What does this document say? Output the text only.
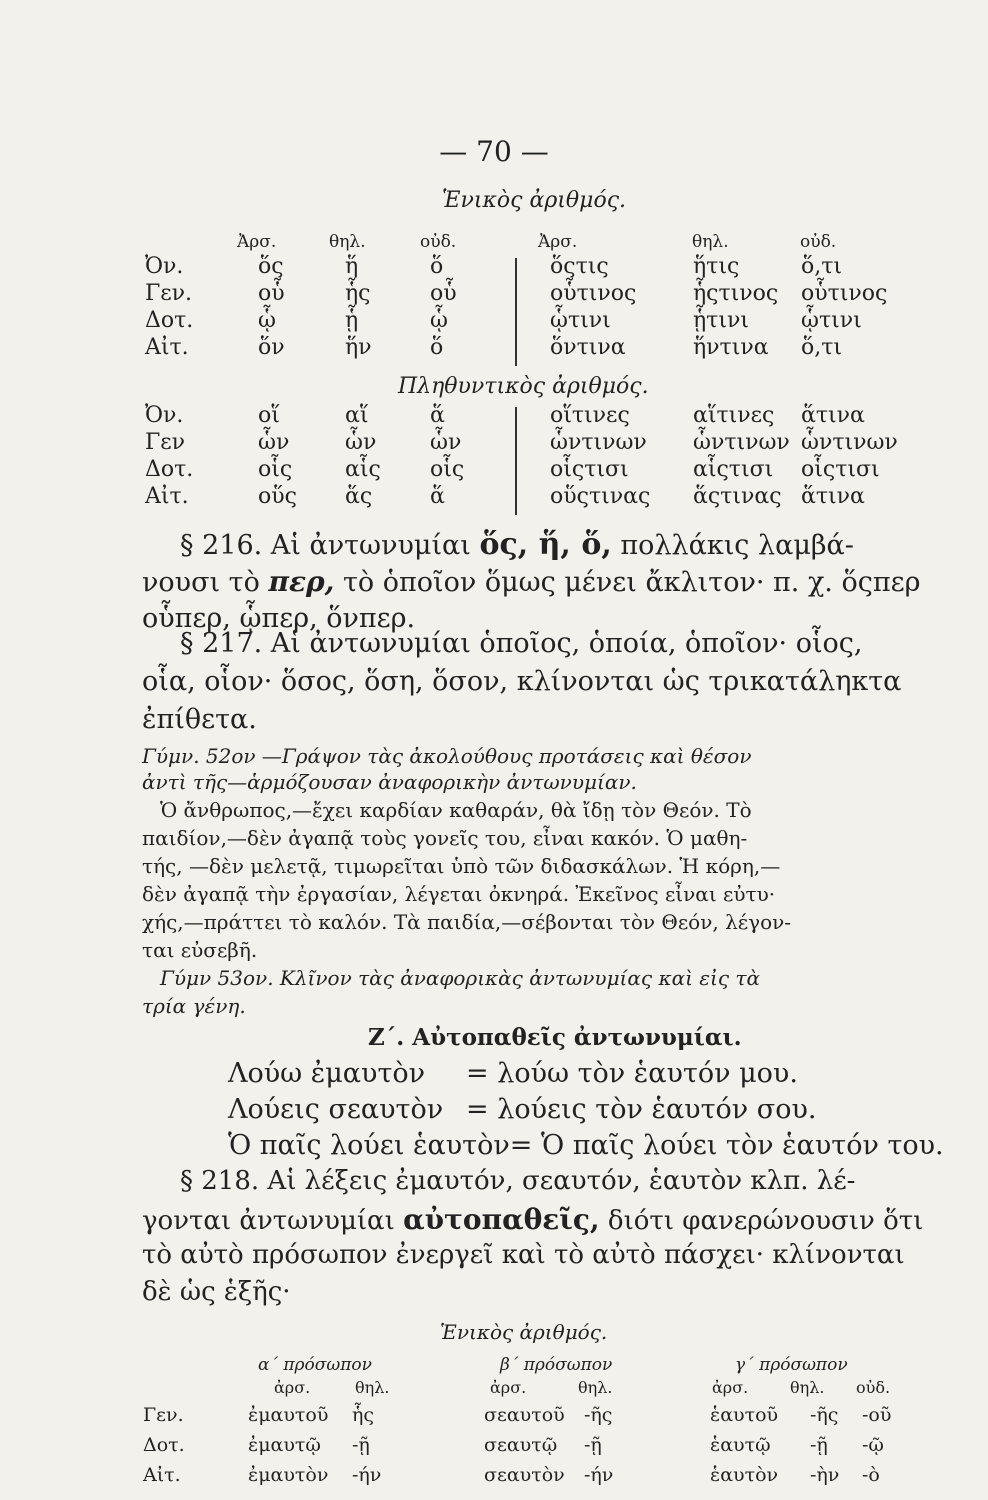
— 70 —
Ἑνικὸς ἀριθμός.
Ἀρσ.	θηλ.	οὐδ.	Ἀρσ.	θηλ.	οὐδ.
Ὀν.	ὅς	ἥ	ὅ	ὅςτις	ἥτις	ὅ,τι
Γεν.	οὗ	ἧς	οὗ	οὗτινος	ἧςτινος	οὗτινος
Δοτ.	ᾧ	ᾗ	ᾧ	ᾧτινι	ᾗτινι	ᾧτινι
Αἰτ.	ὅν	ἥν	ὅ	ὅντινα	ἥντινα	ὅ,τι
Πληθυντικὸς ἀριθμός.
Ὀν.	οἵ	αἵ	ἅ	οἵτινες	αἵτινες	ἅτινα
Γεν	ὧν	ὧν	ὧν	ὧντινων	ὧντινων	ὧντινων
Δοτ.	οἷς	αἷς	οἷς	οἷςτισι	αἷςτισι	οἷςτισι
Αἰτ.	οὕς	ἅς	ἅ	οὕςτινας	ἅςτινας	ἅτινα
§ 216. Αἱ ἀντωνυμίαι ὅς, ἥ, ὅ, πολλάκις λαμβά-
νουσι τὸ περ, τὸ ὁποῖον ὅμως μένει ἄκλιτον· π. χ. ὅςπερ
οὗπερ, ᾧπερ, ὅνπερ.
§ 217. Αἱ ἀντωνυμίαι ὁποῖος, ὁποία, ὁποῖον· οἷος,
οἷα, οἷον· ὅσος, ὅση, ὅσον, κλίνονται ὡς τρικατάληκτα
ἐπίθετα.
Γύμν. 52ον —Γράψον τὰς ἀκολούθους προτάσεις καὶ θέσον
ἀντὶ τῆς—ἁρμόζουσαν ἀναφορικὴν ἀντωνυμίαν.
Ὁ ἄνθρωπος,—ἔχει καρδίαν καθαράν, θὰ ἴδῃ τὸν Θεόν. Τὸ
παιδίον,—δὲν ἀγαπᾷ τοὺς γονεῖς του, εἶναι κακόν. Ὁ μαθη-
τής, —δὲν μελετᾷ, τιμωρεῖται ὑπὸ τῶν διδασκάλων. Ἡ κόρη,—
δὲν ἀγαπᾷ τὴν ἐργασίαν, λέγεται ὀκνηρά. Ἐκεῖνος εἶναι εὐτυ·
χής,—πράττει τὸ καλόν. Τὰ παιδία,—σέβονται τὸν Θεόν, λέγον-
ται εὐσεβῆ.
Γύμν 53ον. Κλῖνον τὰς ἀναφορικὰς ἀντωνυμίας καὶ εἰς τὰ
τρία γένη.
Ζ΄. Αὐτοπαθεῖς ἀντωνυμίαι.
Λούω ἐμαυτὸν = λούω τὸν ἑαυτόν μου.
Λούεις σεαυτὸν = λούεις τὸν ἑαυτόν σου.
Ὁ παῖς λούει ἑαυτὸν= Ὁ παῖς λούει τὸν ἑαυτόν του.
§ 218. Αἱ λέξεις ἐμαυτόν, σεαυτόν, ἑαυτὸν κλπ. λέ-
γονται ἀντωνυμίαι αὐτοπαθεῖς, διότι φανερώνουσιν ὅτι
τὸ αὐτὸ πρόσωπον ἐνεργεῖ καὶ τὸ αὐτὸ πάσχει· κλίνονται
δὲ ὡς ἑξῆς·
Ἑνικὸς ἀριθμός.
α΄ πρόσωπον	β΄ πρόσωπον	γ΄ πρόσωπον
ἀρσ.	θηλ.	ἀρσ.	θηλ.	ἀρσ.	θηλ. οὐδ.
Γεν.	ἐμαυτοῦ	ἧς	σεαυτοῦ	-ῆς	ἑαυτοῦ	-ῆς	-οῦ
Δοτ.	ἐμαυτῷ	-ῇ	σεαυτῷ	-ῇ	ἑαυτῷ	-ῇ	-ῷ
Αἰτ.	ἐμαυτὸν	-ήν	σεαυτὸν	-ήν	ἑαυτὸν	-ὴν	-ὸ
